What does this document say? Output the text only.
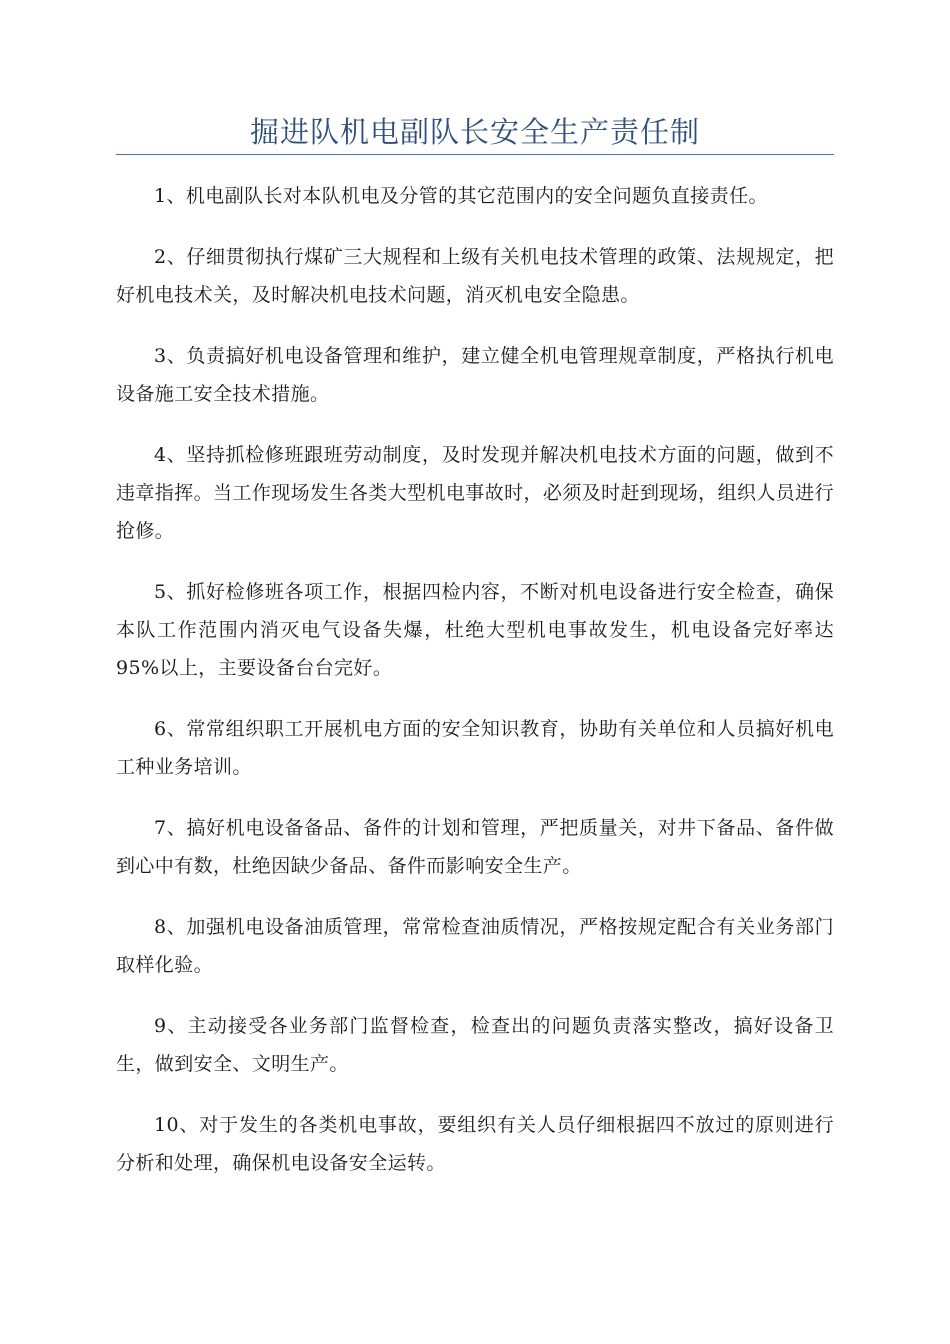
掘进队机电副队长安全生产责任制

1、机电副队长对本队机电及分管的其它范围内的安全问题负直接责任。

2、仔细贯彻执行煤矿三大规程和上级有关机电技术管理的政策、法规规定，把好机电技术关，及时解决机电技术问题，消灭机电安全隐患。

3、负责搞好机电设备管理和维护，建立健全机电管理规章制度，严格执行机电设备施工安全技术措施。

4、坚持抓检修班跟班劳动制度，及时发现并解决机电技术方面的问题，做到不违章指挥。当工作现场发生各类大型机电事故时，必须及时赶到现场，组织人员进行抢修。

5、抓好检修班各项工作，根据四检内容，不断对机电设备进行安全检查，确保本队工作范围内消灭电气设备失爆，杜绝大型机电事故发生，机电设备完好率达95%以上，主要设备台台完好。

6、常常组织职工开展机电方面的安全知识教育，协助有关单位和人员搞好机电工种业务培训。

7、搞好机电设备备品、备件的计划和管理，严把质量关，对井下备品、备件做到心中有数，杜绝因缺少备品、备件而影响安全生产。

8、加强机电设备油质管理，常常检查油质情况，严格按规定配合有关业务部门取样化验。

9、主动接受各业务部门监督检查，检查出的问题负责落实整改，搞好设备卫生，做到安全、文明生产。

10、对于发生的各类机电事故，要组织有关人员仔细根据四不放过的原则进行分析和处理，确保机电设备安全运转。
